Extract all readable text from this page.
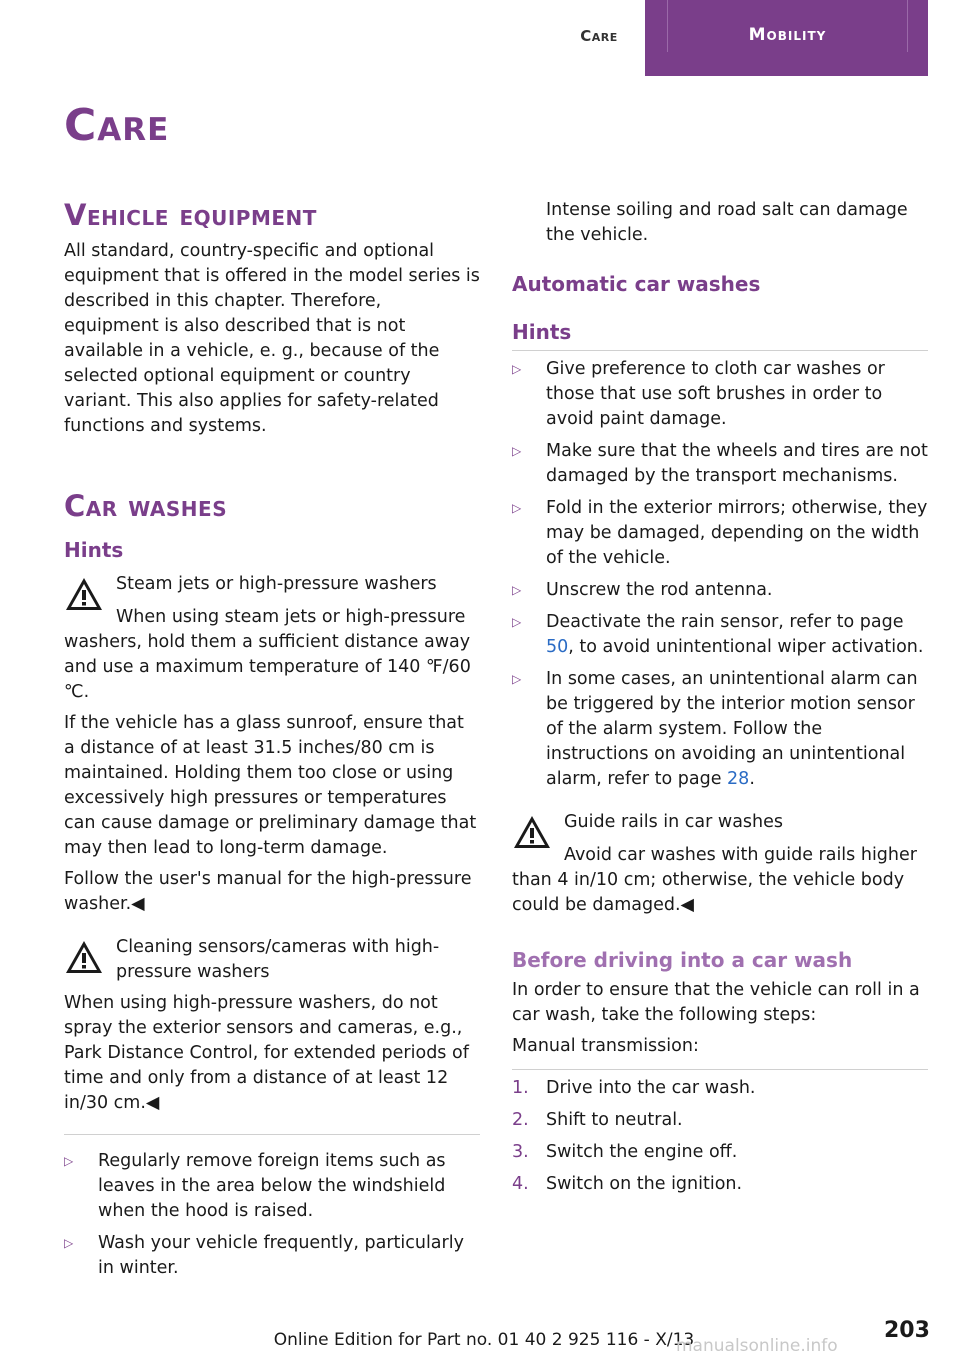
Care	Mobility
Care
Vehicle equipment

All standard, country-specific and optional equipment that is offered in the model series is described in this chapter. Therefore, equipment is also described that is not available in a vehicle, e. g., because of the selected optional equipment or country variant. This also applies for safety-related functions and systems.

Car washes
Hints

Steam jets or high-pressure washers

When using steam jets or high-pressure washers, hold them a sufficient distance away and use a maximum temperature of 140 ℉/60 ℃.

If the vehicle has a glass sunroof, ensure that a distance of at least 31.5 inches/80 cm is maintained. Holding them too close or using excessively high pressures or temperatures can cause damage or preliminary damage that may then lead to long-term damage.

Follow the user's manual for the high-pressure washer.◀

Cleaning sensors/cameras with high-pressure washers

When using high-pressure washers, do not spray the exterior sensors and cameras, e.g., Park Distance Control, for extended periods of time and only from a distance of at least 12 in/30 cm.◀

▷ Regularly remove foreign items such as leaves in the area below the windshield when the hood is raised.
▷ Wash your vehicle frequently, particularly in winter.

Intense soiling and road salt can damage the vehicle.

Automatic car washes
Hints
▷ Give preference to cloth car washes or those that use soft brushes in order to avoid paint damage.
▷ Make sure that the wheels and tires are not damaged by the transport mechanisms.
▷ Fold in the exterior mirrors; otherwise, they may be damaged, depending on the width of the vehicle.
▷ Unscrew the rod antenna.
▷ Deactivate the rain sensor, refer to page 50, to avoid unintentional wiper activation.
▷ In some cases, an unintentional alarm can be triggered by the interior motion sensor of the alarm system. Follow the instructions on avoiding an unintentional alarm, refer to page 28.

Guide rails in car washes

Avoid car washes with guide rails higher than 4 in/10 cm; otherwise, the vehicle body could be damaged.◀

Before driving into a car wash

In order to ensure that the vehicle can roll in a car wash, take the following steps:

Manual transmission:

1. Drive into the car wash.
2. Shift to neutral.
3. Switch the engine off.
4. Switch on the ignition.
Online Edition for Part no. 01 40 2 925 116 - X/13	203
manualsonline.info
